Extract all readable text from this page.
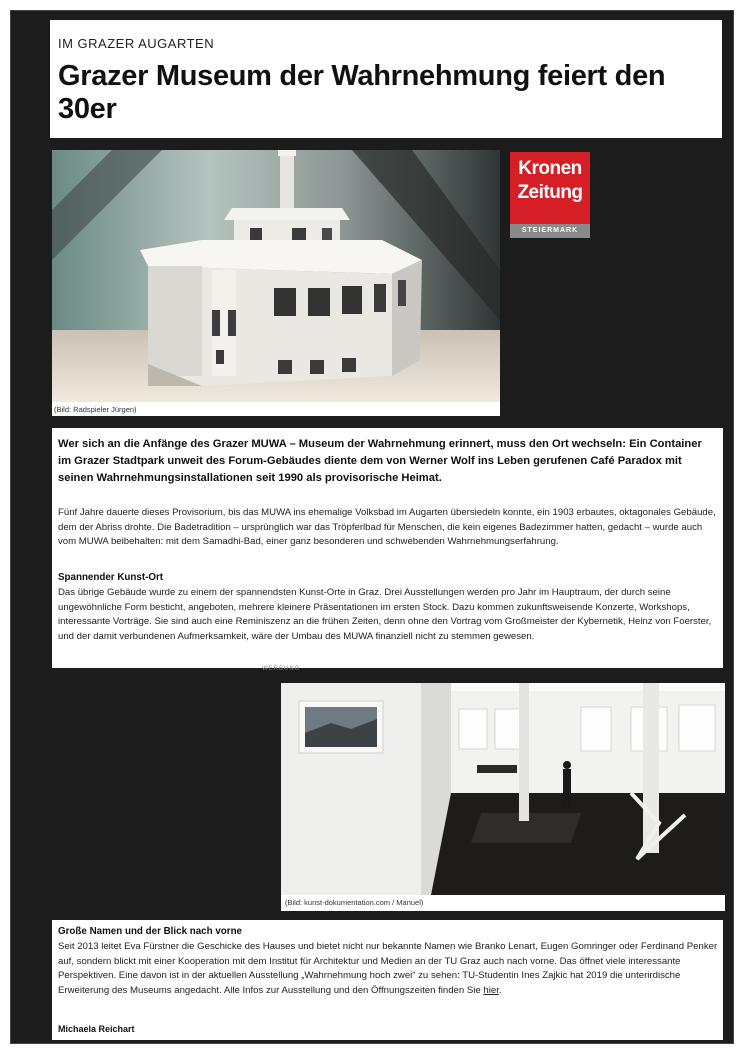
IM GRAZER AUGARTEN
Grazer Museum der Wahrnehmung feiert den 30er
(Bild: Radspieler Jürgen)
Kronen
Zeitung
STEIERMARK
Wer sich an die Anfänge des Grazer MUWA – Museum der Wahrnehmung erinnert, muss den Ort wechseln: Ein Container im Grazer Stadtpark unweit des Forum-Gebäudes diente dem von Werner Wolf ins Leben gerufenen Café Paradox mit seinen Wahrnehmungsinstallationen seit 1990 als provisorische Heimat.
Fünf Jahre dauerte dieses Provisorium, bis das MUWA ins ehemalige Volksbad im Augarten übersiedeln konnte, ein 1903 erbautes, oktagonales Gebäude, dem der Abriss drohte. Die Badetradition – ursprünglich war das Tröpferlbad für Menschen, die kein eigenes Badezimmer hatten, gedacht – wurde auch vom MUWA beibehalten: mit dem Samadhi-Bad, einer ganz besonderen und schwebenden Wahrnehmungserfahrung.
Spannender Kunst-Ort
Das übrige Gebäude wurde zu einem der spannendsten Kunst-Orte in Graz. Drei Ausstellungen werden pro Jahr im Hauptraum, der durch seine ungewöhnliche Form besticht, angeboten, mehrere kleinere Präsentationen im ersten Stock. Dazu kommen zukunftsweisende Konzerte, Workshops, interessante Vorträge. Sie sind auch eine Reminiszenz an die frühen Zeiten, denn ohne den Vortrag vom Großmeister der Kybernetik, Heinz von Foerster, und der damit verbundenen Aufmerksamkeit, wäre der Umbau des MUWA finanziell nicht zu stemmen gewesen.
WERBUNG
(Bild: kunst-dokumentation.com / Manuel)
Große Namen und der Blick nach vorne
Seit 2013 leitet Eva Fürstner die Geschicke des Hauses und bietet nicht nur bekannte Namen wie Branko Lenart, Eugen Gomringer oder Ferdinand Penker auf, sondern blickt mit einer Kooperation mit dem Institut für Architektur und Medien an der TU Graz auch nach vorne. Das öffnet viele interessante Perspektiven. Eine davon ist in der aktuellen Ausstellung „Wahrnehmung hoch zwei“ zu sehen: TU-Studentin Ines Zajkic hat 2019 die unterirdische Erweiterung des Museums angedacht. Alle Infos zur Ausstellung und den Öffnungszeiten finden Sie hier.
Michaela Reichart
